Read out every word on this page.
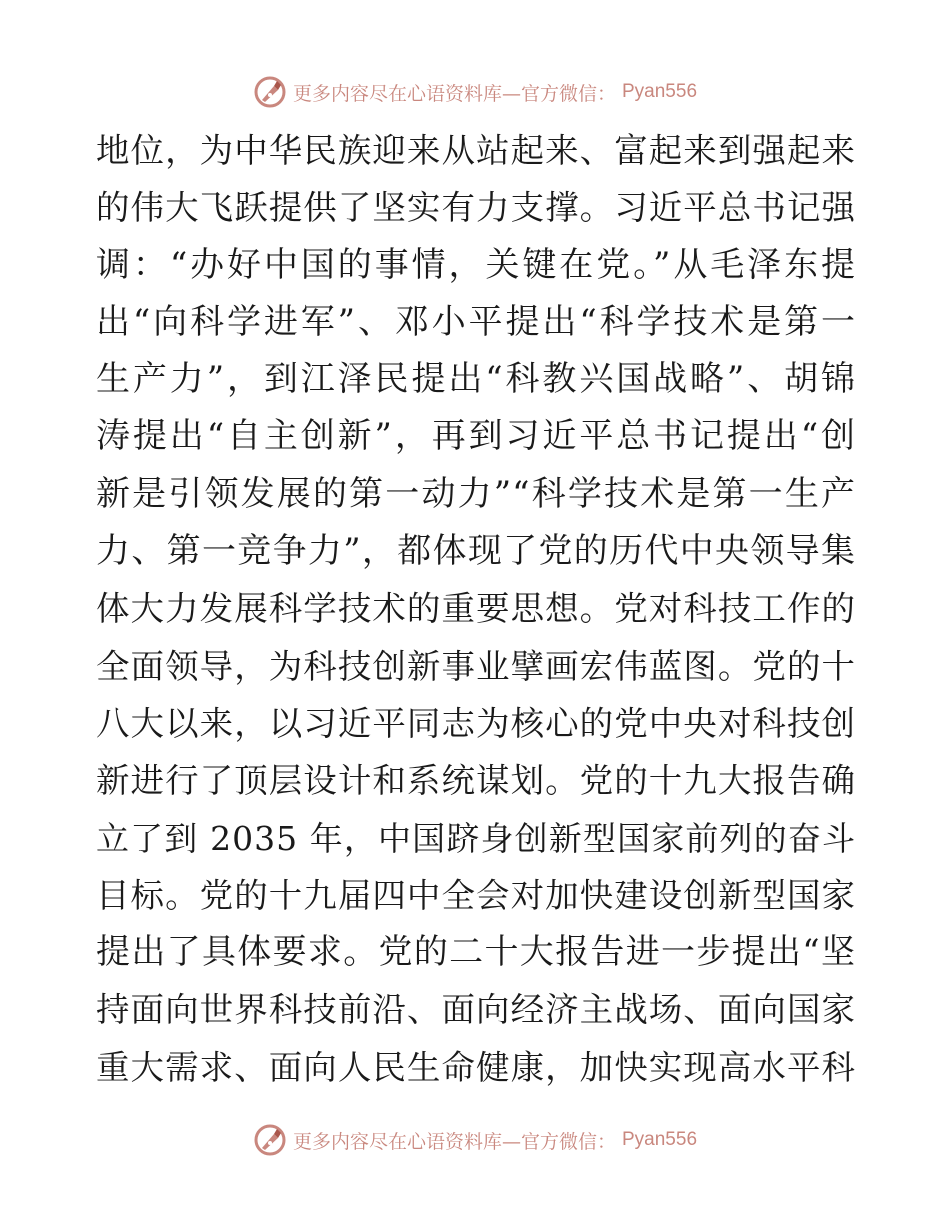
更多内容尽在心语资料库—官方微信： Pyan556
地位，为中华民族迎来从站起来、富起来到强起来
的伟大飞跃提供了坚实有力支撑。习近平总书记强
调：“办好中国的事情，关键在党。”从毛泽东提
出“向科学进军”、邓小平提出“科学技术是第一
生产力”，到江泽民提出“科教兴国战略”、胡锦
涛提出“自主创新”，再到习近平总书记提出“创
新是引领发展的第一动力”“科学技术是第一生产
力、第一竞争力”，都体现了党的历代中央领导集
体大力发展科学技术的重要思想。党对科技工作的
全面领导，为科技创新事业擘画宏伟蓝图。党的十
八大以来，以习近平同志为核心的党中央对科技创
新进行了顶层设计和系统谋划。党的十九大报告确
立了到 2035 年，中国跻身创新型国家前列的奋斗
目标。党的十九届四中全会对加快建设创新型国家
提出了具体要求。党的二十大报告进一步提出“坚
持面向世界科技前沿、面向经济主战场、面向国家
重大需求、面向人民生命健康，加快实现高水平科
更多内容尽在心语资料库—官方微信： Pyan556
